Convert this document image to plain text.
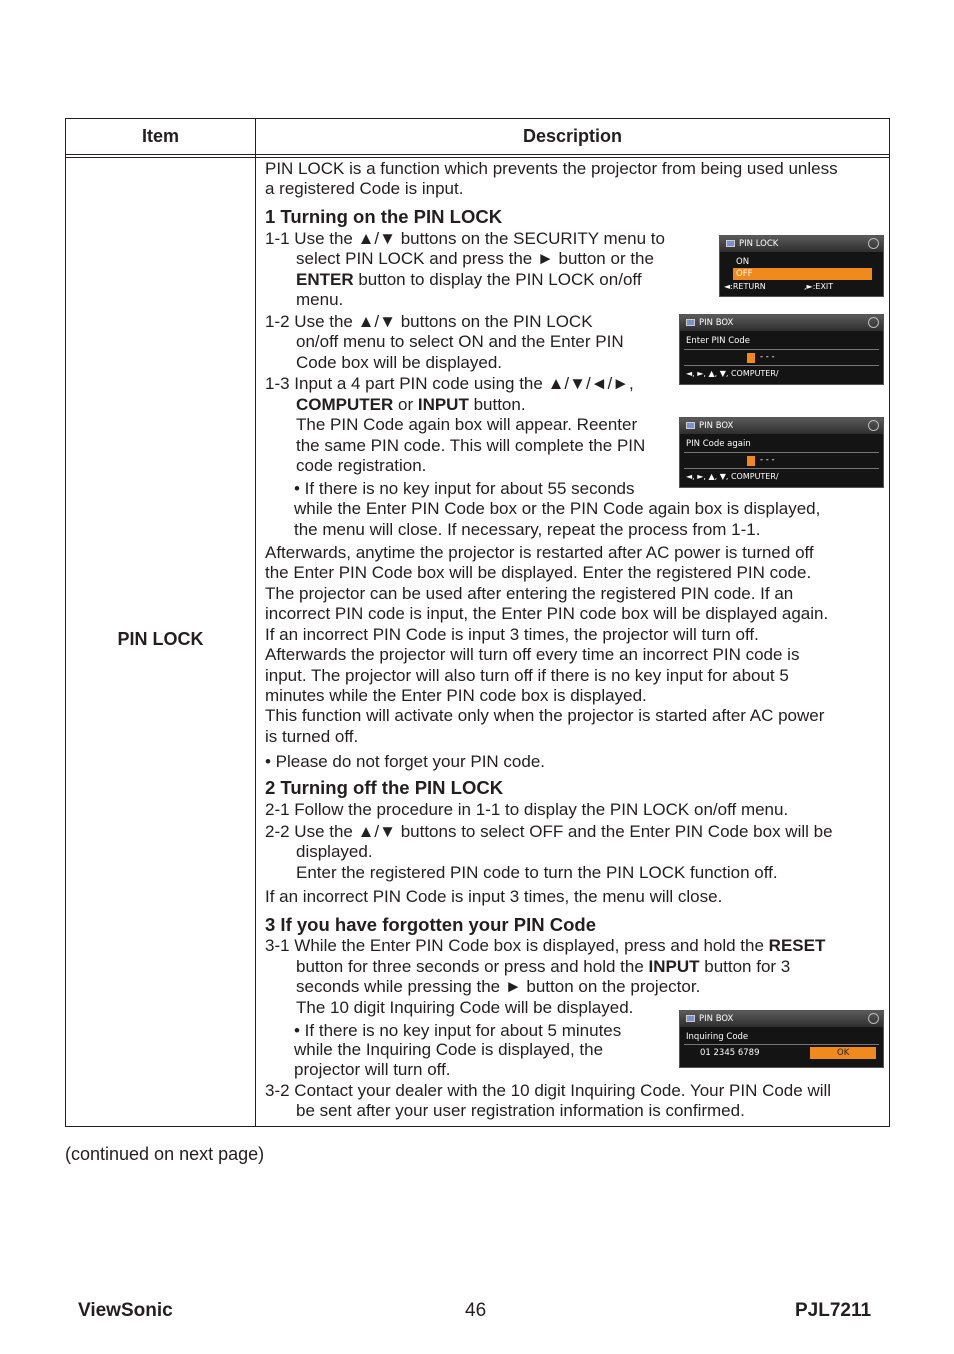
Item	Description
PIN LOCK
PIN LOCK is a function which prevents the projector from being used unless
a registered Code is input.
1 Turning on the PIN LOCK
1-1 Use the ▲/▼ buttons on the SECURITY menu to
select PIN LOCK and press the ► button or the
ENTER button to display the PIN LOCK on/off
menu.
1-2 Use the ▲/▼ buttons on the PIN LOCK
on/off menu to select ON and the Enter PIN
Code box will be displayed.
1-3 Input a 4 part PIN code using the ▲/▼/◄/►,
COMPUTER or INPUT button.
The PIN Code again box will appear. Reenter
the same PIN code. This will complete the PIN
code registration.
• If there is no key input for about 55 seconds
while the Enter PIN Code box or the PIN Code again box is displayed,
the menu will close. If necessary, repeat the process from 1-1.
Afterwards, anytime the projector is restarted after AC power is turned off
the Enter PIN Code box will be displayed. Enter the registered PIN code.
The projector can be used after entering the registered PIN code. If an
incorrect PIN code is input, the Enter PIN code box will be displayed again.
If an incorrect PIN Code is input 3 times, the projector will turn off.
Afterwards the projector will turn off every time an incorrect PIN code is
input. The projector will also turn off if there is no key input for about 5
minutes while the Enter PIN code box is displayed.
This function will activate only when the projector is started after AC power
is turned off.
• Please do not forget your PIN code.
2 Turning off the PIN LOCK
2-1 Follow the procedure in 1-1 to display the PIN LOCK on/off menu.
2-2 Use the ▲/▼ buttons to select OFF and the Enter PIN Code box will be
displayed.
Enter the registered PIN code to turn the PIN LOCK function off.
If an incorrect PIN Code is input 3 times, the menu will close.
3 If you have forgotten your PIN Code
3-1 While the Enter PIN Code box is displayed, press and hold the RESET
button for three seconds or press and hold the INPUT button for 3
seconds while pressing the ► button on the projector.
The 10 digit Inquiring Code will be displayed.
• If there is no key input for about 5 minutes
while the Inquiring Code is displayed, the
projector will turn off.
3-2 Contact your dealer with the 10 digit Inquiring Code. Your PIN Code will
be sent after your user registration information is confirmed.
PIN LOCK
ON
OFF
◄:RETURN	,►:EXIT
PIN BOX
Enter PIN Code
- - -
◄, ►, ▲, ▼, COMPUTER/
PIN BOX
PIN Code again
- - -
◄, ►, ▲, ▼, COMPUTER/
PIN BOX
Inquiring Code
01 2345 6789	OK
(continued on next page)
ViewSonic	46	PJL7211
